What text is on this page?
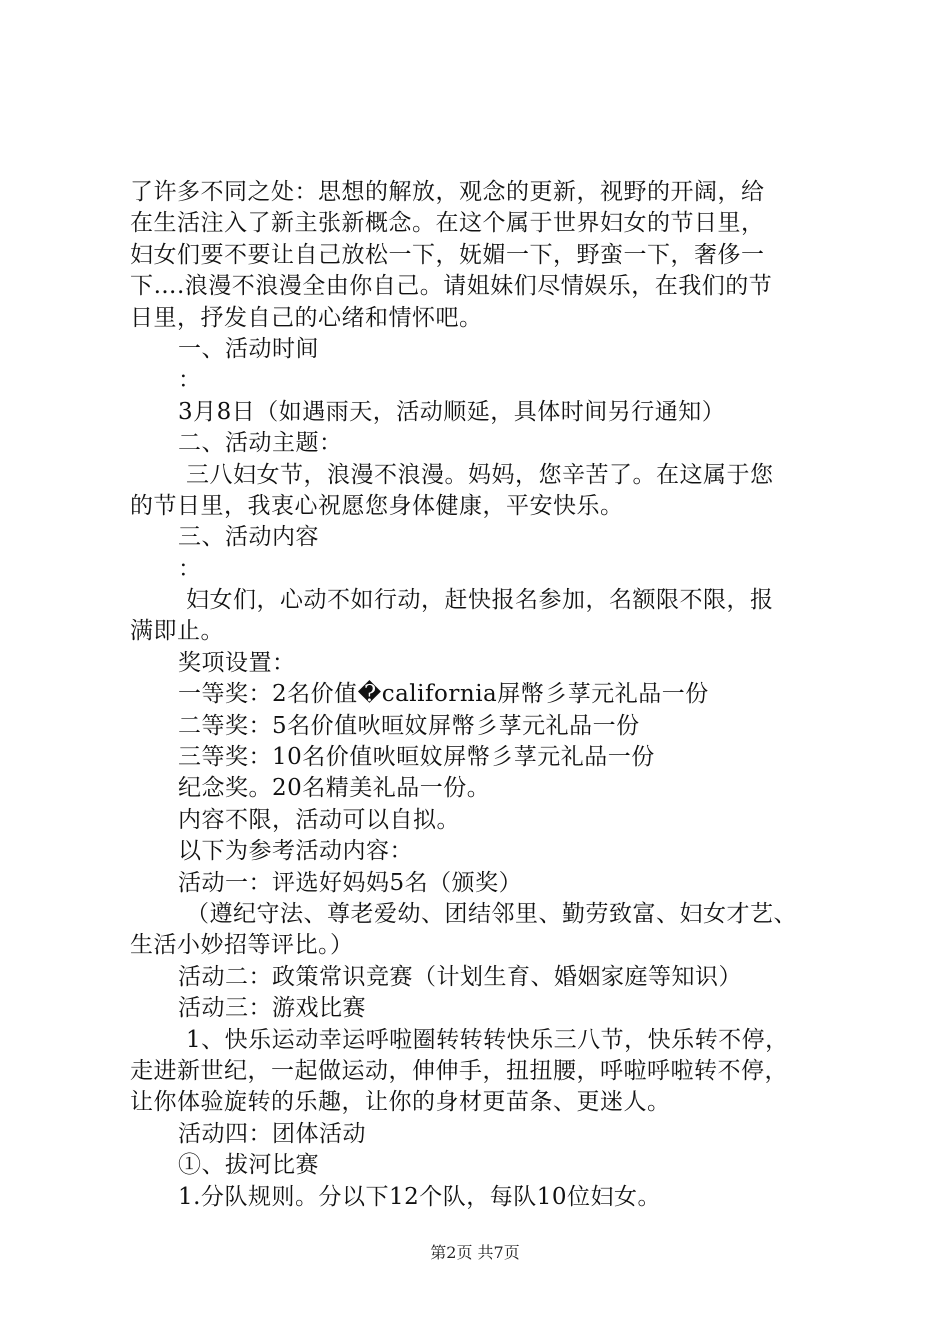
了许多不同之处：思想的解放，观念的更新，视野的开阔，给
在生活注入了新主张新概念。在这个属于世界妇女的节日里，
妇女们要不要让自己放松一下，妩媚一下，野蛮一下，奢侈一
下….浪漫不浪漫全由你自己。请姐妹们尽情娱乐，在我们的节
日里，抒发自己的心绪和情怀吧。
一、活动时间
：
3月8日（如遇雨天，活动顺延，具体时间另行通知）
二、活动主题：
三八妇女节，浪漫不浪漫。妈妈，您辛苦了。在这属于您
的节日里，我衷心祝愿您身体健康，平安快乐。
三、活动内容
：
妇女们，心动不如行动，赶快报名参加，名额限不限，报
满即止。
奖项设置：
一等奖：2名价值�california屏幣彡莩元礼品一份
二等奖：5名价值吙晅妏屏幣彡莩元礼品一份
三等奖：10名价值吙晅妏屏幣彡莩元礼品一份
纪念奖。20名精美礼品一份。
内容不限，活动可以自拟。
以下为参考活动内容：
活动一：评选好妈妈5名（颁奖）
（遵纪守法、尊老爱幼、团结邻里、勤劳致富、妇女才艺、
生活小妙招等评比。）
活动二：政策常识竞赛（计划生育、婚姻家庭等知识）
活动三：游戏比赛
1、快乐运动幸运呼啦圈转转转快乐三八节，快乐转不停，
走进新世纪，一起做运动，伸伸手，扭扭腰，呼啦呼啦转不停，
让你体验旋转的乐趣，让你的身材更苗条、更迷人。
活动四：团体活动
①、拔河比赛
1.分队规则。分以下12个队，每队10位妇女。
第2页 共7页
